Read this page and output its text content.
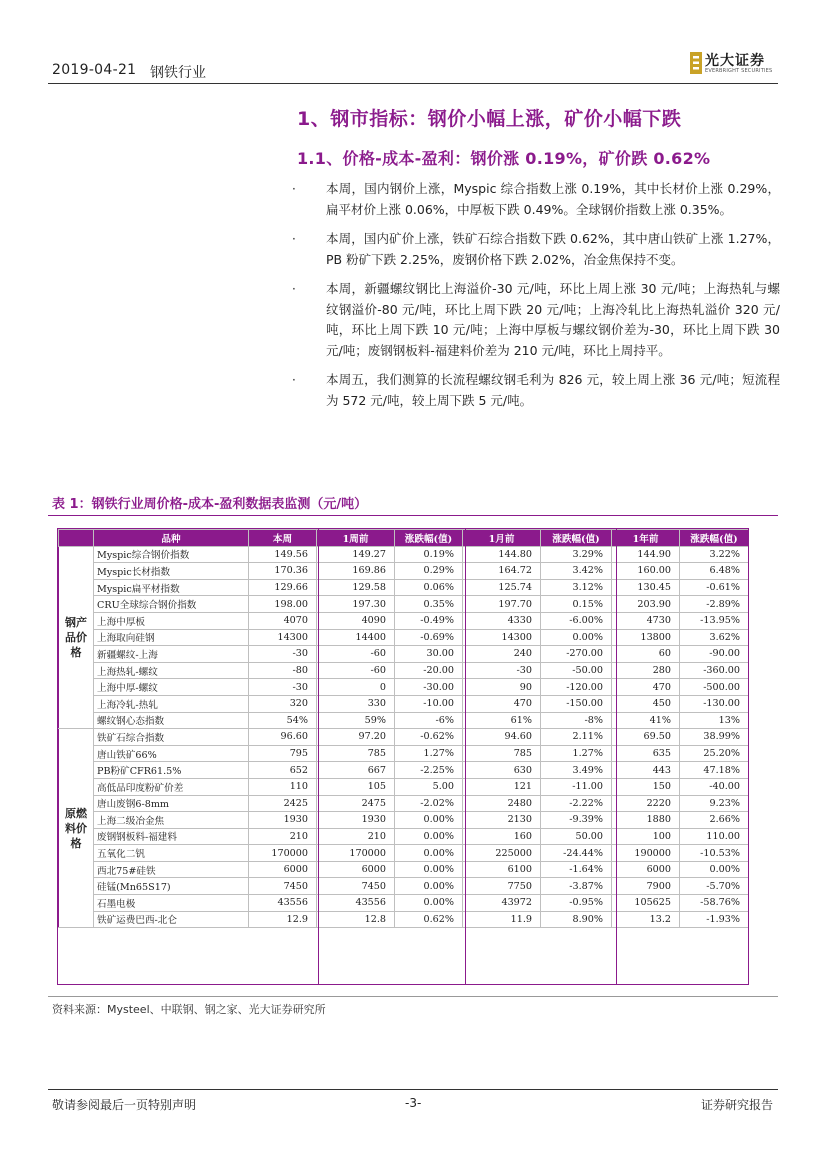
2019-04-21 钢铁行业
光大证券
EVERBRIGHT SECURITIES
1、钢市指标：钢价小幅上涨，矿价小幅下跌
1.1、价格-成本-盈利：钢价涨 0.19%，矿价跌 0.62%
· 本周，国内钢价上涨，Myspic 综合指数上涨 0.19%，其中长材价上涨 0.29%，扁平材价上涨 0.06%，中厚板下跌 0.49%。全球钢价指数上涨 0.35%。
· 本周，国内矿价上涨，铁矿石综合指数下跌 0.62%，其中唐山铁矿上涨 1.27%，PB 粉矿下跌 2.25%，废钢价格下跌 2.02%，冶金焦保持不变。
· 本周，新疆螺纹钢比上海溢价-30 元/吨，环比上周上涨 30 元/吨；上海热轧与螺纹钢溢价-80 元/吨，环比上周下跌 20 元/吨；上海冷轧比上海热轧溢价 320 元/吨，环比上周下跌 10 元/吨；上海中厚板与螺纹钢价差为-30，环比上周下跌 30 元/吨；废钢钢板料-福建料价差为 210 元/吨，环比上周持平。
· 本周五，我们测算的长流程螺纹钢毛利为 826 元，较上周上涨 36 元/吨；短流程为 572 元/吨，较上周下跌 5 元/吨。
表 1：钢铁行业周价格-成本-盈利数据表监测（元/吨）
	品种	本周	1周前	涨跌幅(值)	1月前	涨跌幅(值)	1年前	涨跌幅(值)
钢产品价格	Myspic综合钢价指数	149.56	149.27	0.19%	144.80	3.29%	144.90	3.22%
	Myspic长材指数	170.36	169.86	0.29%	164.72	3.42%	160.00	6.48%
	Myspic扁平材指数	129.66	129.58	0.06%	125.74	3.12%	130.45	-0.61%
	CRU全球综合钢价指数	198.00	197.30	0.35%	197.70	0.15%	203.90	-2.89%
	上海中厚板	4070	4090	-0.49%	4330	-6.00%	4730	-13.95%
	上海取向硅钢	14300	14400	-0.69%	14300	0.00%	13800	3.62%
	新疆螺纹-上海	-30	-60	30.00	240	-270.00	60	-90.00
	上海热轧-螺纹	-80	-60	-20.00	-30	-50.00	280	-360.00
	上海中厚-螺纹	-30	0	-30.00	90	-120.00	470	-500.00
	上海冷轧-热轧	320	330	-10.00	470	-150.00	450	-130.00
	螺纹钢心态指数	54%	59%	-6%	61%	-8%	41%	13%
原燃料价格	铁矿石综合指数	96.60	97.20	-0.62%	94.60	2.11%	69.50	38.99%
	唐山铁矿66%	795	785	1.27%	785	1.27%	635	25.20%
	PB粉矿CFR61.5%	652	667	-2.25%	630	3.49%	443	47.18%
	高低品印度粉矿价差	110	105	5.00	121	-11.00	150	-40.00
	唐山废钢6-8mm	2425	2475	-2.02%	2480	-2.22%	2220	9.23%
	上海二级冶金焦	1930	1930	0.00%	2130	-9.39%	1880	2.66%
	废钢钢板料-福建料	210	210	0.00%	160	50.00	100	110.00
	五氧化二钒	170000	170000	0.00%	225000	-24.44%	190000	-10.53%
	西北75#硅铁	6000	6000	0.00%	6100	-1.64%	6000	0.00%
	硅锰(Mn65S17)	7450	7450	0.00%	7750	-3.87%	7900	-5.70%
	石墨电极	43556	43556	0.00%	43972	-0.95%	105625	-58.76%
	铁矿运费巴西-北仑	12.9	12.8	0.62%	11.9	8.90%	13.2	-1.93%
资料来源：Mysteel、中联钢、钢之家、光大证券研究所
敬请参阅最后一页特别声明	-3-	证券研究报告
